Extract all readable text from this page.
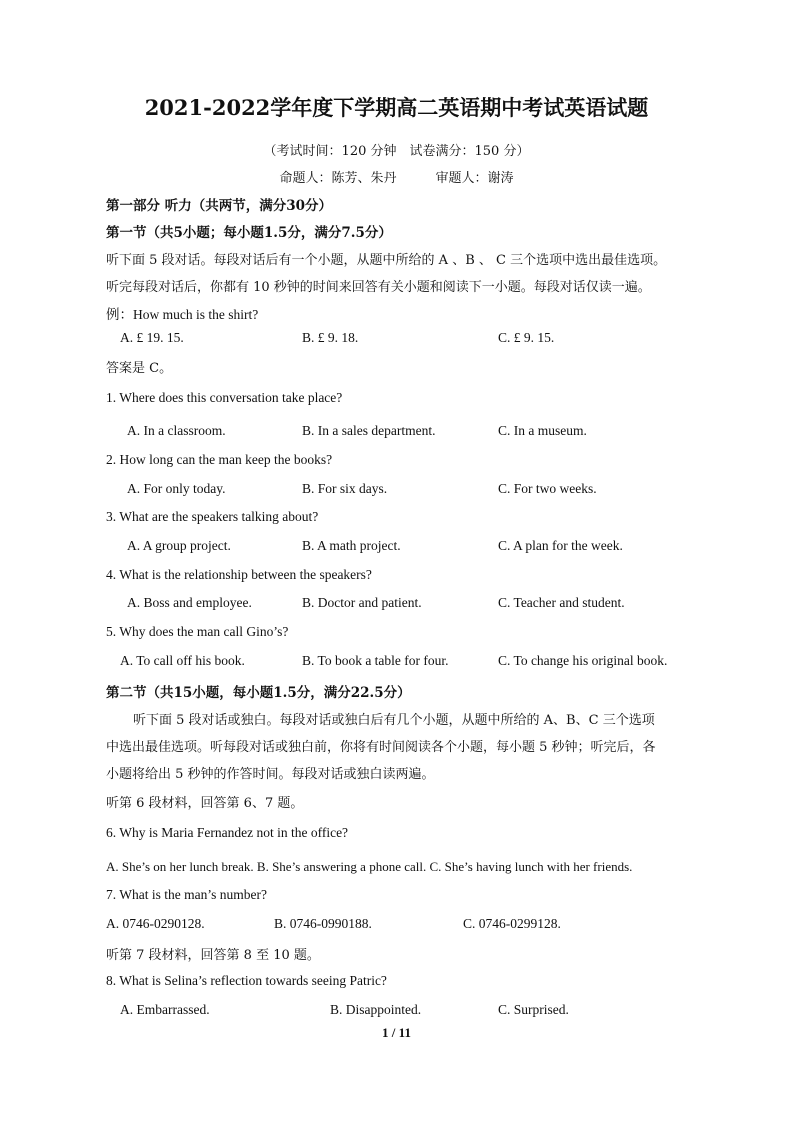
2021-2022学年度下学期高二英语期中考试英语试题
（考试时间：120 分钟　试卷满分：150 分）
命题人：陈芳、朱丹　　　审题人：谢涛
第一部分 听力（共两节，满分30分）
第一节（共5小题；每小题1.5分，满分7.5分）
听下面 5 段对话。每段对话后有一个小题，从题中所给的 A 、B 、 C 三个选项中选出最佳选项。
听完每段对话后，你都有 10 秒钟的时间来回答有关小题和阅读下一小题。每段对话仅读一遍。
例：How much is the shirt?
A. £ 19. 15.	B. £ 9. 18.	C. £ 9. 15.
答案是 C。
1. Where does this conversation take place?
A. In a classroom.	B. In a sales department.	C. In a museum.
2. How long can the man keep the books?
A. For only today.	B. For six days.	C. For two weeks.
3. What are the speakers talking about?
A. A group project.	B. A math project.	C. A plan for the week.
4. What is the relationship between the speakers?
A. Boss and employee.	B. Doctor and patient.	C. Teacher and student.
5. Why does the man call Gino’s?
A. To call off his book.	B. To book a table for four.	C. To change his original book.
第二节（共15小题，每小题1.5分，满分22.5分）
听下面 5 段对话或独白。每段对话或独白后有几个小题，从题中所给的 A、B、C 三个选项
中选出最佳选项。听每段对话或独白前，你将有时间阅读各个小题，每小题 5 秒钟；听完后，各
小题将给出 5 秒钟的作答时间。每段对话或独白读两遍。
听第 6 段材料，回答第 6、7 题。
6. Why is Maria Fernandez not in the office?
A. She’s on her lunch break. B. She’s answering a phone call. C. She’s having lunch with her friends.
7. What is the man’s number?
A. 0746-0290128.	B. 0746-0990188.	C. 0746-0299128.
听第 7 段材料，回答第 8 至 10 题。
8. What is Selina’s reflection towards seeing Patric?
A. Embarrassed.	B. Disappointed.	C. Surprised.
1 / 11
